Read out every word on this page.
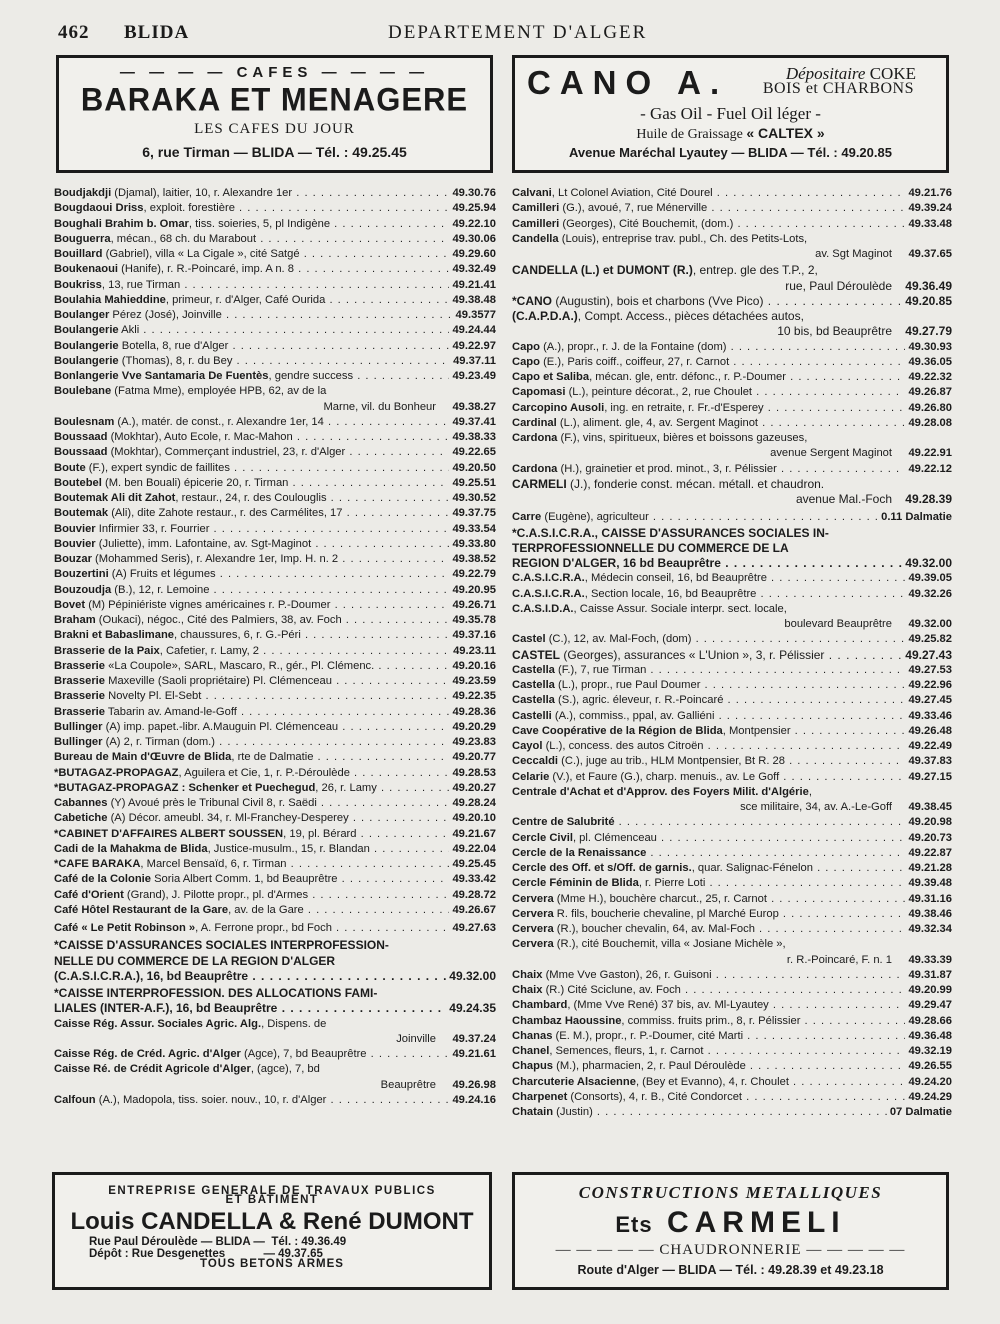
462 BLIDA	DEPARTEMENT D'ALGER
— — — — CAFES — — — —
BARAKA ET MENAGERE
LES CAFES DU JOUR
6, rue Tirman — BLIDA — Tél. : 49.25.45
CANO A.	Dépositaire COKE
BOIS et CHARBONS
- Gas Oil - Fuel Oil léger -
Huile de Graissage « CALTEX »
Avenue Maréchal Lyautey — BLIDA — Tél. : 49.20.85
Boudjakdji (Djamal), laitier, 10, r. Alexandre 1er . . .	49.30.76
Bougdaoui Driss, exploit. forestière . . .	49.25.94
Boughali Brahim b. Omar, tiss. soieries, 5, pl Indigène . . .	49.22.10
Bouguerra, mécan., 68 ch. du Marabout . . .	49.30.06
Bouillard (Gabriel), villa « La Cigale », cité Satgé . . .	49.29.60
Boukenaoui (Hanife), r. R.-Poincaré, imp. A n. 8 . . .	49.32.49
Boukriss, 13, rue Tirman . . .	49.21.41
Boulahia Mahieddine, primeur, r. d'Alger, Café Ourida . . .	49.38.48
Boulanger Pérez (José), Joinville . . .	49.3577
Boulangerie Akli . . .	49.24.44
Boulangerie Botella, 8, rue d'Alger . . .	49.22.97
Boulangerie (Thomas), 8, r. du Bey . . .	49.37.11
Bonlangerie Vve Santamaria De Fuentès, gendre success . . .	49.23.49
Boulebane (Fatma Mme), employée HPB, 62, av de la
Marne, vil. du Bonheur	49.38.27
Boulesnam (A.), matér. de const., r. Alexandre 1er, 14 . . .	49.37.41
Boussaad (Mokhtar), Auto Ecole, r. Mac-Mahon . . .	49.38.33
Boussaad (Mokhtar), Commerçant industriel, 23, r. d'Alger . . .	49.22.65
Boute (F.), expert syndic de faillites . . .	49.20.50
Boutebel (M. ben Bouali) épicerie 20, r. Tirman . . .	49.25.51
Boutemak Ali dit Zahot, restaur., 24, r. des Coulouglis . . .	49.30.52
Boutemak (Ali), dite Zahote restaur., r. des Carmélites, 17 . . .	49.37.75
Bouvier Infirmier 33, r. Fourrier . . .	49.33.54
Bouvier (Juliette), imm. Lafontaine, av. Sgt-Maginot . . .	49.33.80
Bouzar (Mohammed Seris), r. Alexandre 1er, Imp. H. n. 2 . . .	49.38.52
Bouzertini (A) Fruits et légumes . . .	49.22.79
Bouzoudja (B.), 12, r. Lemoine . . .	49.20.95
Bovet (M) Pépiniériste vignes américaines r. P.-Doumer . . .	49.26.71
Braham (Oukaci), négoc., Cité des Palmiers, 38, av. Foch . . .	49.35.78
Brakni et Babaslimane, chaussures, 6, r. G.-Péri . . .	49.37.16
Brasserie de la Paix, Cafetier, r. Lamy, 2 . . .	49.23.11
Brasserie «La Coupole», SARL, Mascaro, R., gér., Pl. Clémenc. . . .	49.20.16
Brasserie Maxeville (Saoli propriétaire) Pl. Clémenceau . . .	49.23.59
Brasserie Novelty Pl. El-Sebt . . .	49.22.35
Brasserie Tabarin av. Amand-le-Goff . . .	49.28.36
Bullinger (A) imp. papet.-libr. A.Mauguin Pl. Clémenceau . . .	49.20.29
Bullinger (A) 2, r. Tirman (dom.) . . .	49.23.83
Bureau de Main d'Œuvre de Blida, rte de Dalmatie . . .	49.20.77
*BUTAGAZ-PROPAGAZ, Aguilera et Cie, 1, r. P.-Déroulède . . .	49.28.53
*BUTAGAZ-PROPAGAZ : Schenker et Puechegud, 26, r. Lamy . . .	49.20.27
Cabannes (Y) Avoué près le Tribunal Civil 8, r. Saëdi . . .	49.28.24
Cabetiche (A) Décor. ameubl. 34, r. Ml-Franchey-Desperey . . .	49.20.10
*CABINET D'AFFAIRES ALBERT SOUSSEN, 19, pl. Bérard . . .	49.21.67
Cadi de la Mahakma de Blida, Justice-musulm., 15, r. Blandan . . .	49.22.04
*CAFE BARAKA, Marcel Bensaïd, 6, r. Tirman . . .	49.25.45
Café de la Colonie Soria Albert Comm. 1, bd Beauprêtre . . .	49.33.42
Café d'Orient (Grand), J. Pilotte propr., pl. d'Armes . . .	49.28.72
Café Hôtel Restaurant de la Gare, av. de la Gare . . .	49.26.67
Café « Le Petit Robinson », A. Ferrone propr., bd Foch . . .	49.27.63
*CAISSE D'ASSURANCES SOCIALES INTERPROFESSION-
NELLE DU COMMERCE DE LA REGION D'ALGER
(C.A.S.I.C.R.A.), 16, bd Beauprêtre . . .	49.32.00
*CAISSE INTERPROFESSION. DES ALLOCATIONS FAMI-
LIALES (INTER-A.F.), 16, bd Beauprêtre . . .	49.24.35
Caisse Rég. Assur. Sociales Agric. Alg., Dispens. de
Joinville	49.37.24
Caisse Rég. de Créd. Agric. d'Alger (Agce), 7, bd Beauprêtre . . .	49.21.61
Caisse Ré. de Crédit Agricole d'Alger, (agce), 7, bd
Beauprêtre	49.26.98
Calfoun (A.), Madopola, tiss. soier. nouv., 10, r. d'Alger . . .	49.24.16
Calvani, Lt Colonel Aviation, Cité Dourel . . .	49.21.76
Camilleri (G.), avoué, 7, rue Ménerville . . .	49.39.24
Camilleri (Georges), Cité Bouchemit, (dom.) . . .	49.33.48
Candella (Louis), entreprise trav. publ., Ch. des Petits-Lots,
av. Sgt Maginot	49.37.65
CANDELLA (L.) et DUMONT (R.), entrep. gle des T.P., 2,
rue, Paul Déroulède	49.36.49
*CANO (Augustin), bois et charbons (Vve Pico) . . .	49.20.85
(C.A.P.D.A.), Compt. Access., pièces détachées autos,
10 bis, bd Beauprêtre	49.27.79
Capo (A.), propr., r. J. de la Fontaine (dom) . . .	49.30.93
Capo (E.), Paris coiff., coiffeur, 27, r. Carnot . . .	49.36.05
Capo et Saliba, mécan. gle, entr. défonc., r. P.-Doumer . . .	49.22.32
Capomasi (L.), peinture décorat., 2, rue Choulet . . .	49.26.87
Carcopino Ausoli, ing. en retraite, r. Fr.-d'Esperey . . .	49.26.80
Cardinal (L.), aliment. gle, 4, av. Sergent Maginot . . .	49.28.08
Cardona (F.), vins, spiritueux, bières et boissons gazeuses,
avenue Sergent Maginot	49.22.91
Cardona (H.), grainetier et prod. minot., 3, r. Pélissier . . .	49.22.12
CARMELI (J.), fonderie const. mécan. métall. et chaudron.
avenue Mal.-Foch	49.28.39
Carre (Eugène), agriculteur . . .	0.11 Dalmatie
*C.A.S.I.C.R.A., CAISSE D'ASSURANCES SOCIALES IN-
TERPROFESSIONNELLE DU COMMERCE DE LA
REGION D'ALGER, 16 bd Beauprêtre . . .	49.32.00
C.A.S.I.C.R.A., Médecin conseil, 16, bd Beauprêtre . . .	49.39.05
C.A.S.I.C.R.A., Section locale, 16, bd Beauprêtre . . .	49.32.26
C.A.S.I.D.A., Caisse Assur. Sociale interpr. sect. locale,
boulevard Beauprêtre	49.32.00
Castel (C.), 12, av. Mal-Foch, (dom) . . .	49.25.82
CASTEL (Georges), assurances « L'Union », 3, r. Pélissier . . .	49.27.43
Castella (F.), 7, rue Tirman . . .	49.27.53
Castella (L.), propr., rue Paul Doumer . . .	49.22.96
Castella (S.), agric. éleveur, r. R.-Poincaré . . .	49.27.45
Castelli (A.), commiss., ppal, av. Galliéni . . .	49.33.46
Cave Coopérative de la Région de Blida, Montpensier . . .	49.26.48
Cayol (L.), concess. des autos Citroën . . .	49.22.49
Ceccaldi (C.), juge au trib., HLM Montpensier, Bt R. 28 . . .	49.37.83
Celarie (V.), et Faure (G.), charp. menuis., av. Le Goff . . .	49.27.15
Centrale d'Achat et d'Approv. des Foyers Milit. d'Algérie,
sce militaire, 34, av. A.-Le-Goff	49.38.45
Centre de Salubrité . . .	49.20.98
Cercle Civil, pl. Clémenceau . . .	49.20.73
Cercle de la Renaissance . . .	49.22.87
Cercle des Off. et s/Off. de garnis., quar. Salignac-Fénelon . . .	49.21.28
Cercle Féminin de Blida, r. Pierre Loti . . .	49.39.48
Cervera (Mme H.), bouchère charcut., 25, r. Carnot . . .	49.31.16
Cervera R. fils, boucherie chevaline, pl Marché Europ . . .	49.38.46
Cervera (R.), boucher chevalin, 64, av. Mal-Foch . . .	49.32.34
Cervera (R.), cité Bouchemit, villa « Josiane Michèle »,
r. R.-Poincaré, F. n. 1	49.33.39
Chaix (Mme Vve Gaston), 26, r. Guisoni . . .	49.31.87
Chaix (R.) Cité Sciclune, av. Foch . . .	49.20.99
Chambard, (Mme Vve René) 37 bis, av. Ml-Lyautey . . .	49.29.47
Chambaz Haoussine, commiss. fruits prim., 8, r. Pélissier . . .	49.28.66
Chanas (E. M.), propr., r. P.-Doumer, cité Marti . . .	49.36.48
Chanel, Semences, fleurs, 1, r. Carnot . . .	49.32.19
Chapus (M.), pharmacien, 2, r. Paul Déroulède . . .	49.26.55
Charcuterie Alsacienne, (Bey et Evanno), 4, r. Choulet . . .	49.24.20
Charpenet (Consorts), 4, r. B., Cité Condorcet . . .	49.24.29
Chatain (Justin) . . .	07 Dalmatie
ENTREPRISE GÉNÉRALE DE TRAVAUX PUBLICS
ET BATIMENT
Louis CANDELLA & René DUMONT
Rue Paul Déroulède — BLIDA — Tél. : 49.36.49
Dépôt : Rue Desgenettes	— 49.37.65
TOUS BETONS ARMES
CONSTRUCTIONS METALLIQUES
Ets CARMELI
— — — — — CHAUDRONNERIE — — — — —
Route d'Alger — BLIDA — Tél. : 49.28.39 et 49.23.18
